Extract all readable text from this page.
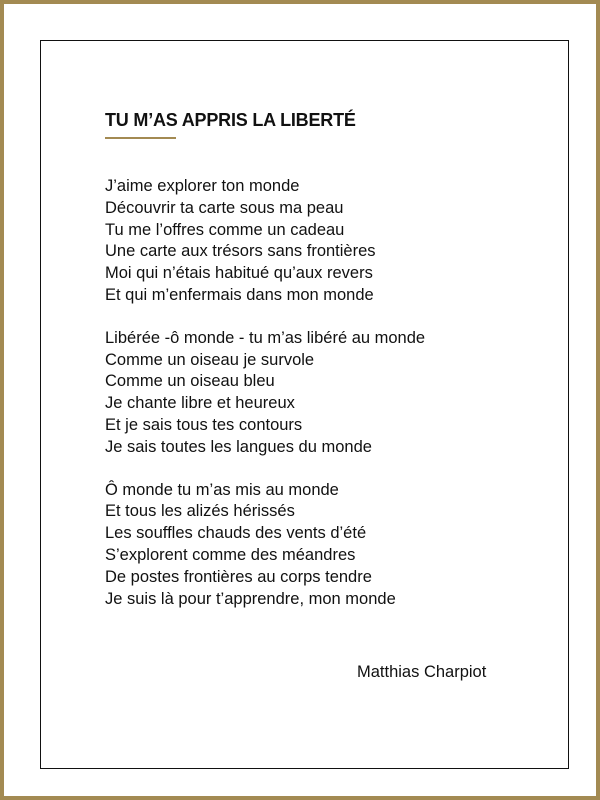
TU M’AS APPRIS LA LIBERTÉ
J’aime explorer ton monde
Découvrir ta carte sous ma peau
Tu me l’offres comme un cadeau
Une carte aux trésors sans frontières
Moi qui n’étais habitué qu’aux revers
Et qui m’enfermais dans mon monde
Libérée -ô monde - tu m’as libéré au monde
Comme un oiseau je survole
Comme un oiseau bleu
Je chante libre et heureux
Et je sais tous tes contours
Je sais toutes les langues du monde
Ô monde tu m’as mis au monde
Et tous les alizés hérissés
Les souffles chauds des vents d’été
S’explorent comme des méandres
De postes frontières au corps tendre
Je suis là pour t’apprendre, mon monde
Matthias Charpiot
